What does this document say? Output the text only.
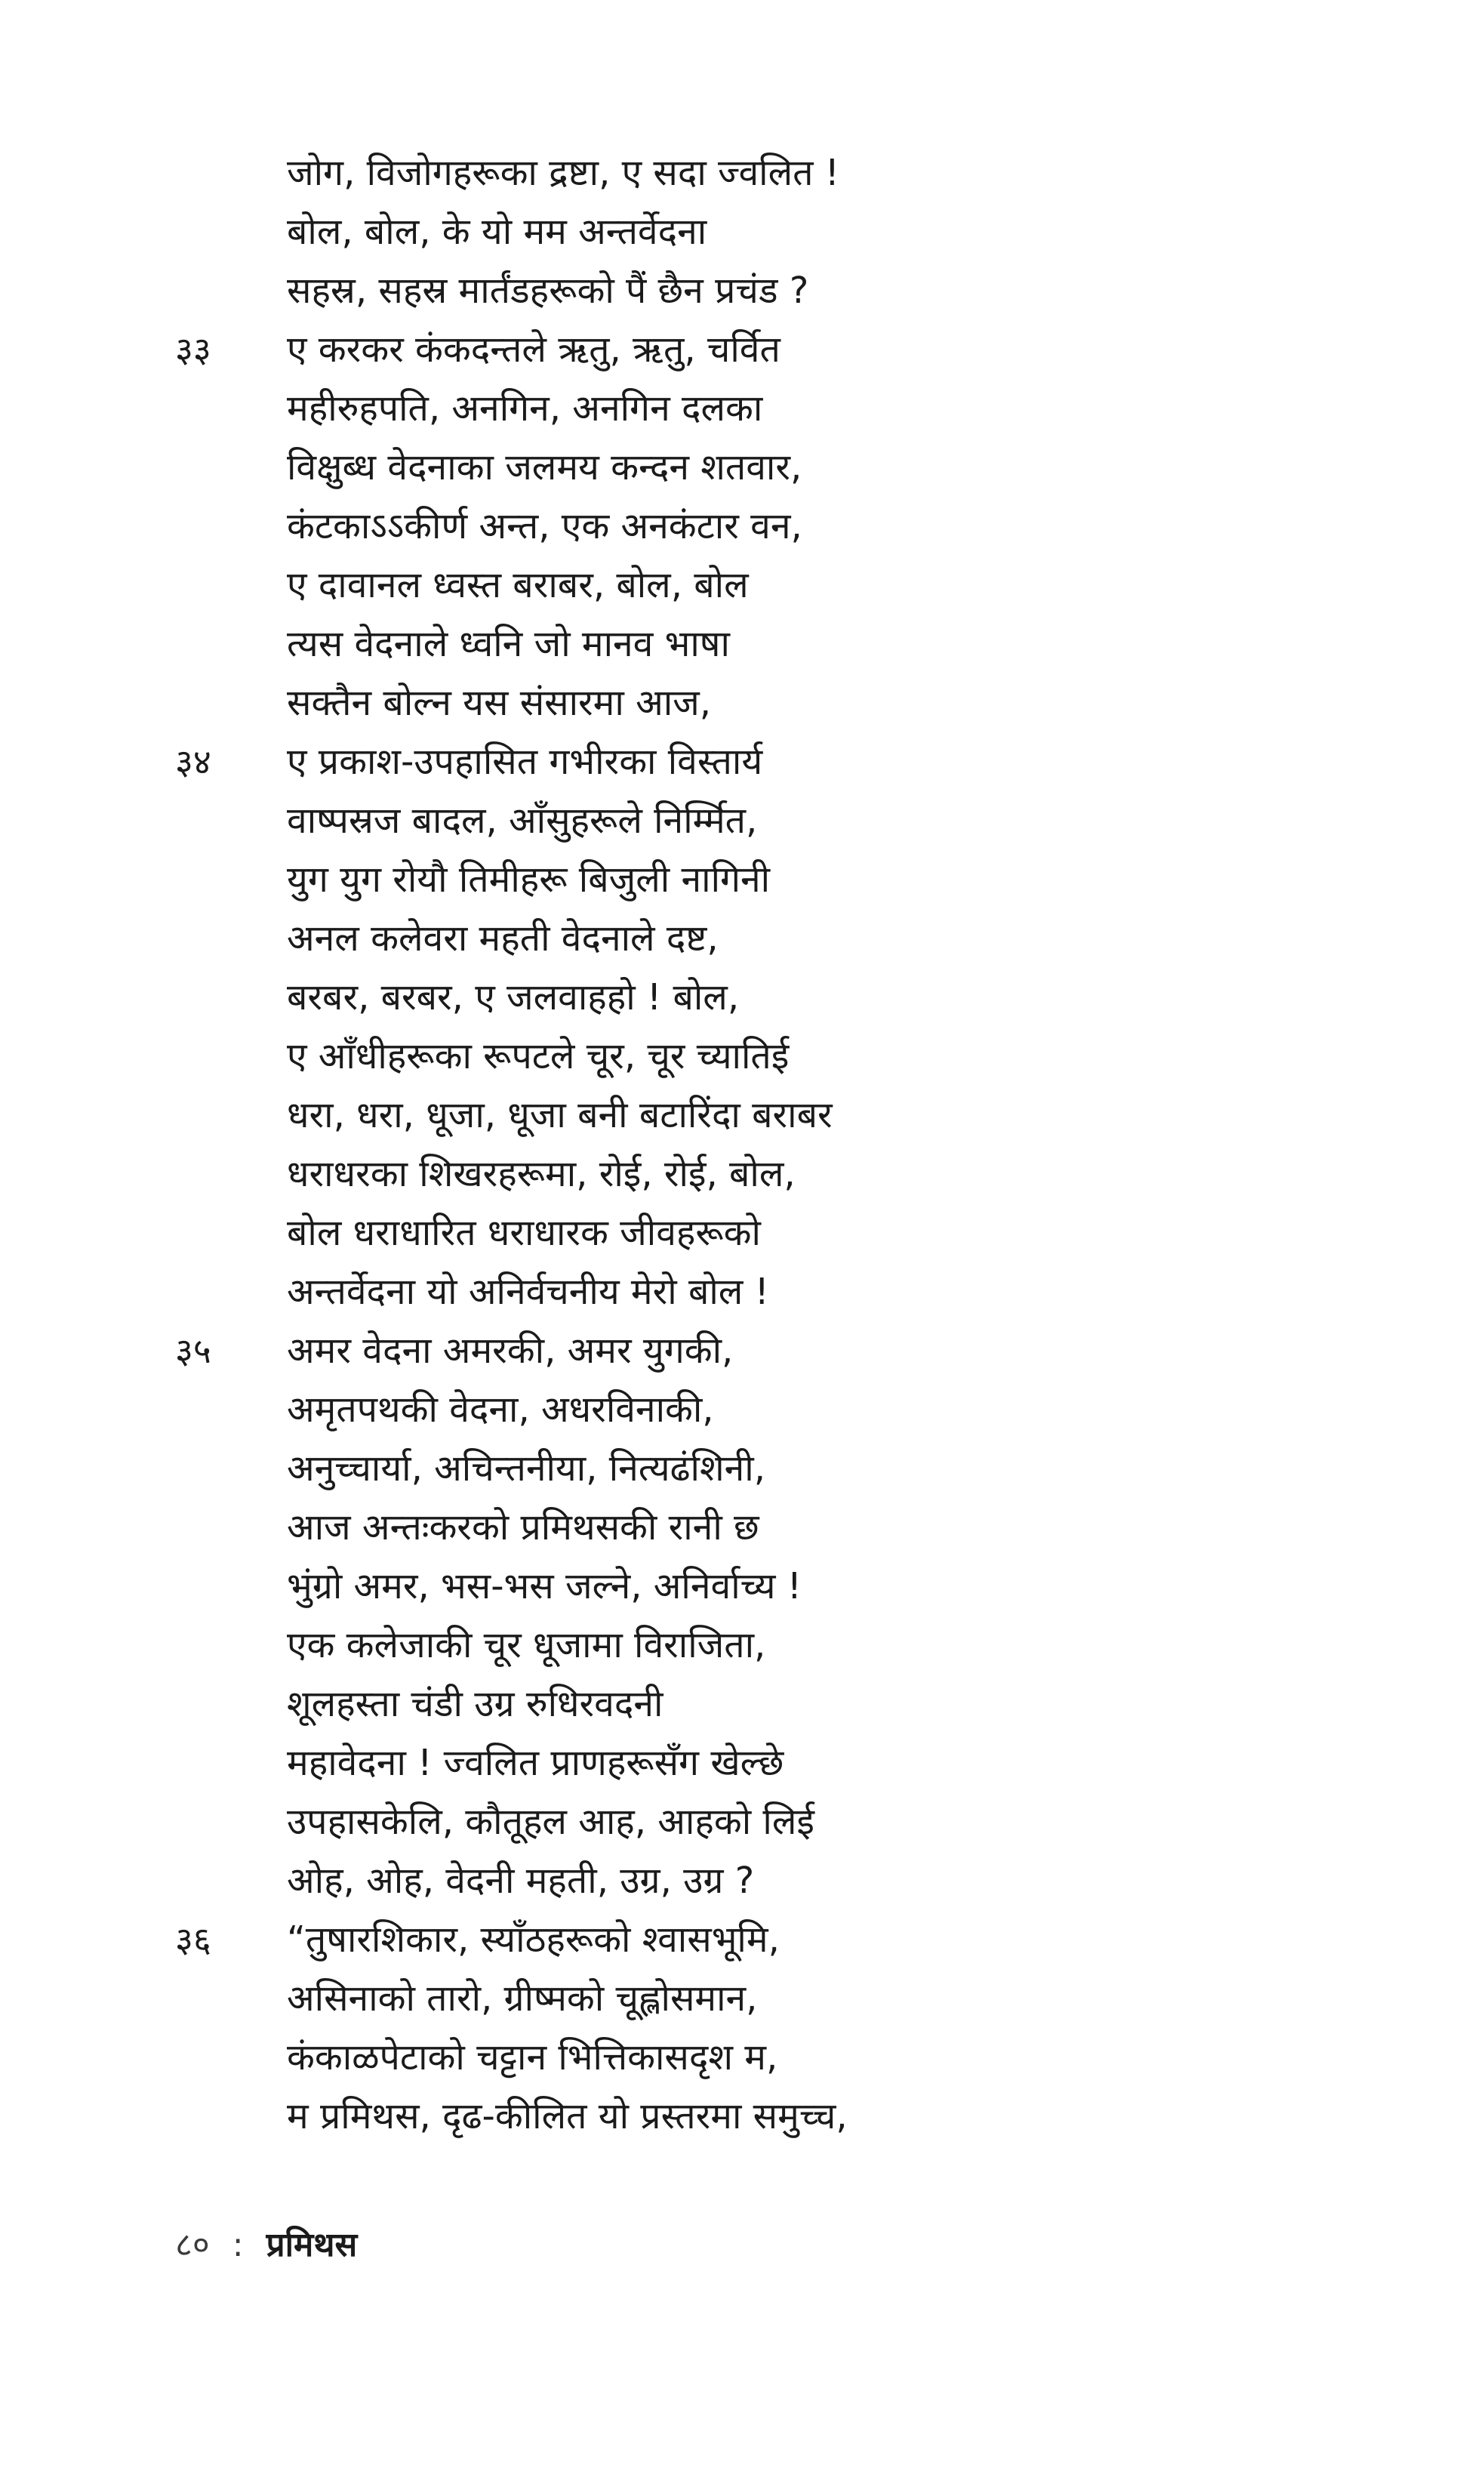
जोग, विजोगहरूका द्रष्टा, ए सदा ज्वलित !
बोल, बोल, के यो मम अन्तर्वेदना
सहस्र, सहस्र मार्तंडहरूको पैं छैन प्रचंड ?
३३	ए करकर कंकदन्तले ऋतु, ऋतु, चर्वित
महीरुहपति, अनगिन, अनगिन दलका
विक्षुब्ध वेदनाका जलमय कन्दन शतवार,
कंटकाऽऽकीर्ण अन्त, एक अनकंटार वन,
ए दावानल ध्वस्त बराबर, बोल, बोल
त्यस वेदनाले ध्वनि जो मानव भाषा
सक्तैन बोल्न यस संसारमा आज,
३४	ए प्रकाश-उपहासित गभीरका विस्तार्य
वाष्पस्रज बादल, आँसुहरूले निर्म्मित,
युग युग रोयौ तिमीहरू बिजुली नागिनी
अनल कलेवरा महती वेदनाले दष्ट,
बरबर, बरबर, ए जलवाहहो ! बोल,
ए आँधीहरूका रूपटले चूर, चूर च्यातिई
धरा, धरा, धूजा, धूजा बनी बटारिंदा बराबर
धराधरका शिखरहरूमा, रोई, रोई, बोल,
बोल धराधारित धराधारक जीवहरूको
अन्तर्वेदना यो अनिर्वचनीय मेरो बोल !
३५	अमर वेदना अमरकी, अमर युगकी,
अमृतपथकी वेदना, अधरविनाकी,
अनुच्चार्या, अचिन्तनीया, नित्यढंशिनी,
आज अन्तःकरको प्रमिथसकी रानी छ
भुंग्रो अमर, भस-भस जल्ने, अनिर्वाच्य !
एक कलेजाकी चूर धूजामा विराजिता,
शूलहस्ता चंडी उग्र रुधिरवदनी
महावेदना ! ज्वलित प्राणहरूसँग खेल्छे
उपहासकेलि, कौतूहल आह, आहको लिई
ओह, ओह, वेदनी महती, उग्र, उग्र ?
३६	“तुषारशिकार, स्याँठहरूको श्वासभूमि,
असिनाको तारो, ग्रीष्मको चूह्लोसमान,
कंकाळपेटाको चट्टान भित्तिकासदृश म,
म प्रमिथस, दृढ-कीलित यो प्रस्तरमा समुच्च,
८० : प्रमिथस
